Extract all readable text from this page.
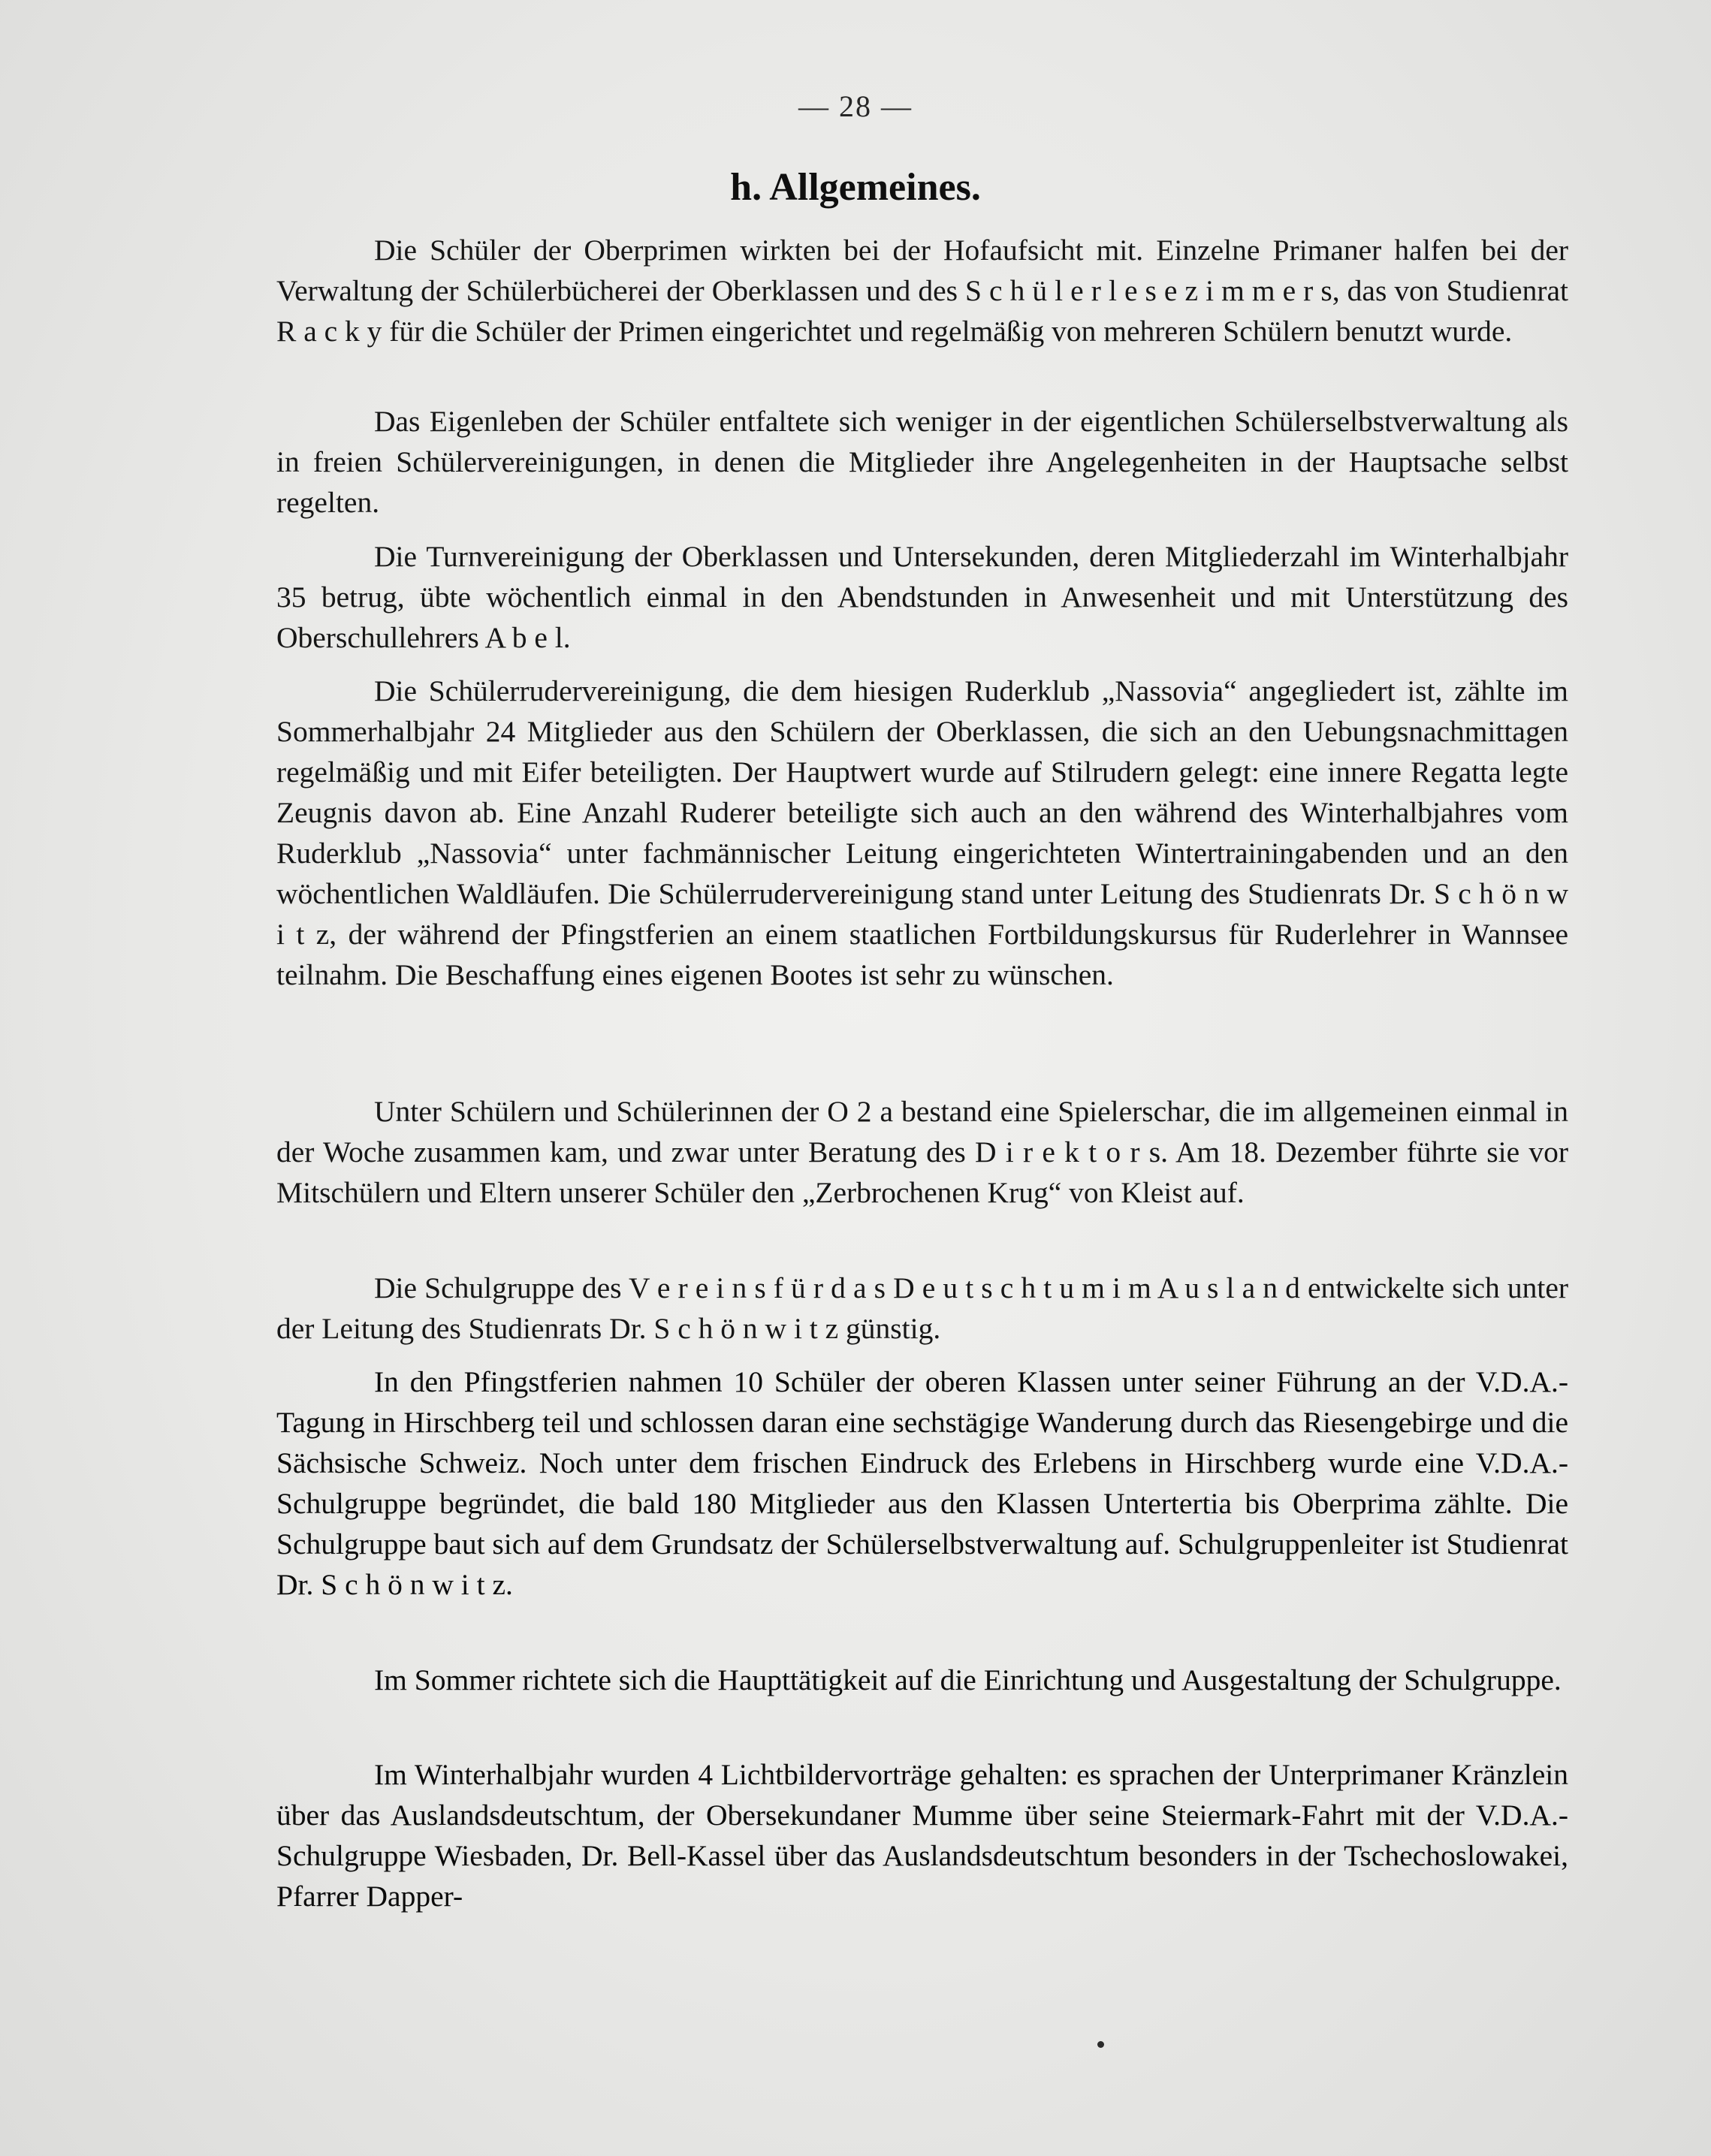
— 28 —
h. Allgemeines.

Die Schüler der Oberprimen wirkten bei der Hofaufsicht mit. Einzelne Primaner halfen bei der Verwaltung der Schülerbücherei der Oberklassen und des S c h ü l e r l e s e z i m m e r s, das von Studienrat R a c k y für die Schüler der Primen eingerichtet und regelmäßig von mehreren Schülern benutzt wurde.

Das Eigenleben der Schüler entfaltete sich weniger in der eigentlichen Schülerselbstverwaltung als in freien Schülervereinigungen, in denen die Mitglieder ihre Angelegenheiten in der Hauptsache selbst regelten.

Die Turnvereinigung der Oberklassen und Untersekunden, deren Mitgliederzahl im Winterhalbjahr 35 betrug, übte wöchentlich einmal in den Abendstunden in Anwesenheit und mit Unterstützung des Oberschullehrers A b e l.

Die Schülerrudervereinigung, die dem hiesigen Ruderklub „Nassovia“ angegliedert ist, zählte im Sommerhalbjahr 24 Mitglieder aus den Schülern der Oberklassen, die sich an den Uebungsnachmittagen regelmäßig und mit Eifer beteiligten. Der Hauptwert wurde auf Stilrudern gelegt: eine innere Regatta legte Zeugnis davon ab. Eine Anzahl Ruderer beteiligte sich auch an den während des Winterhalbjahres vom Ruderklub „Nassovia“ unter fachmännischer Leitung eingerichteten Wintertrainingabenden und an den wöchentlichen Waldläufen. Die Schülerrudervereinigung stand unter Leitung des Studienrats Dr. S c h ö n w i t z, der während der Pfingstferien an einem staatlichen Fortbildungskursus für Ruderlehrer in Wannsee teilnahm. Die Beschaffung eines eigenen Bootes ist sehr zu wünschen.

Unter Schülern und Schülerinnen der O 2 a bestand eine Spielerschar, die im allgemeinen einmal in der Woche zusammen kam, und zwar unter Beratung des D i r e k t o r s. Am 18. Dezember führte sie vor Mitschülern und Eltern unserer Schüler den „Zerbrochenen Krug“ von Kleist auf.

Die Schulgruppe des V e r e i n s f ü r d a s D e u t s c h t u m i m A u s l a n d entwickelte sich unter der Leitung des Studienrats Dr. S c h ö n w i t z günstig.

In den Pfingstferien nahmen 10 Schüler der oberen Klassen unter seiner Führung an der V.D.A.-Tagung in Hirschberg teil und schlossen daran eine sechstägige Wanderung durch das Riesengebirge und die Sächsische Schweiz. Noch unter dem frischen Eindruck des Erlebens in Hirschberg wurde eine V.D.A.-Schulgruppe begründet, die bald 180 Mitglieder aus den Klassen Untertertia bis Oberprima zählte. Die Schulgruppe baut sich auf dem Grundsatz der Schülerselbstverwaltung auf. Schulgruppenleiter ist Studienrat Dr. S c h ö n w i t z.

Im Sommer richtete sich die Haupttätigkeit auf die Einrichtung und Ausgestaltung der Schulgruppe.

Im Winterhalbjahr wurden 4 Lichtbildervorträge gehalten: es sprachen der Unterprimaner Kränzlein über das Auslandsdeutschtum, der Obersekundaner Mumme über seine Steiermark-Fahrt mit der V.D.A.-Schulgruppe Wiesbaden, Dr. Bell-Kassel über das Auslandsdeutschtum besonders in der Tschechoslowakei, Pfarrer Dapper-
